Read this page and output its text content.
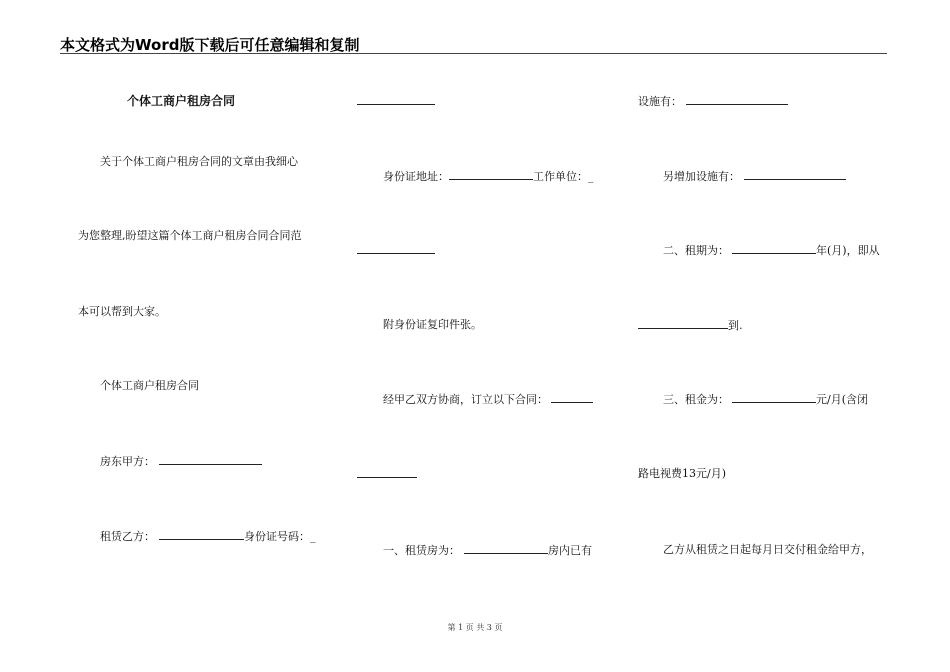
本文格式为Word版下载后可任意编辑和复制
个体工商户租房合同
关于个体工商户租房合同的文章由我细心
为您整理,盼望这篇个体工商户租房合同合同范
本可以帮到大家。
个体工商户租房合同
房东甲方：
租赁乙方：	身份证号码：_
身份证地址：	工作单位：_
附身份证复印件张。
经甲乙双方协商，订立以下合同：
一、租赁房为：	房内已有
设施有：
另增加设施有：
二、租期为：	年(月)，即从
到.
三、租金为：	元/月(含闭
路电视费13元/月)
乙方从租赁之日起每月日交付租金给甲方，
第 1 页 共 3 页
